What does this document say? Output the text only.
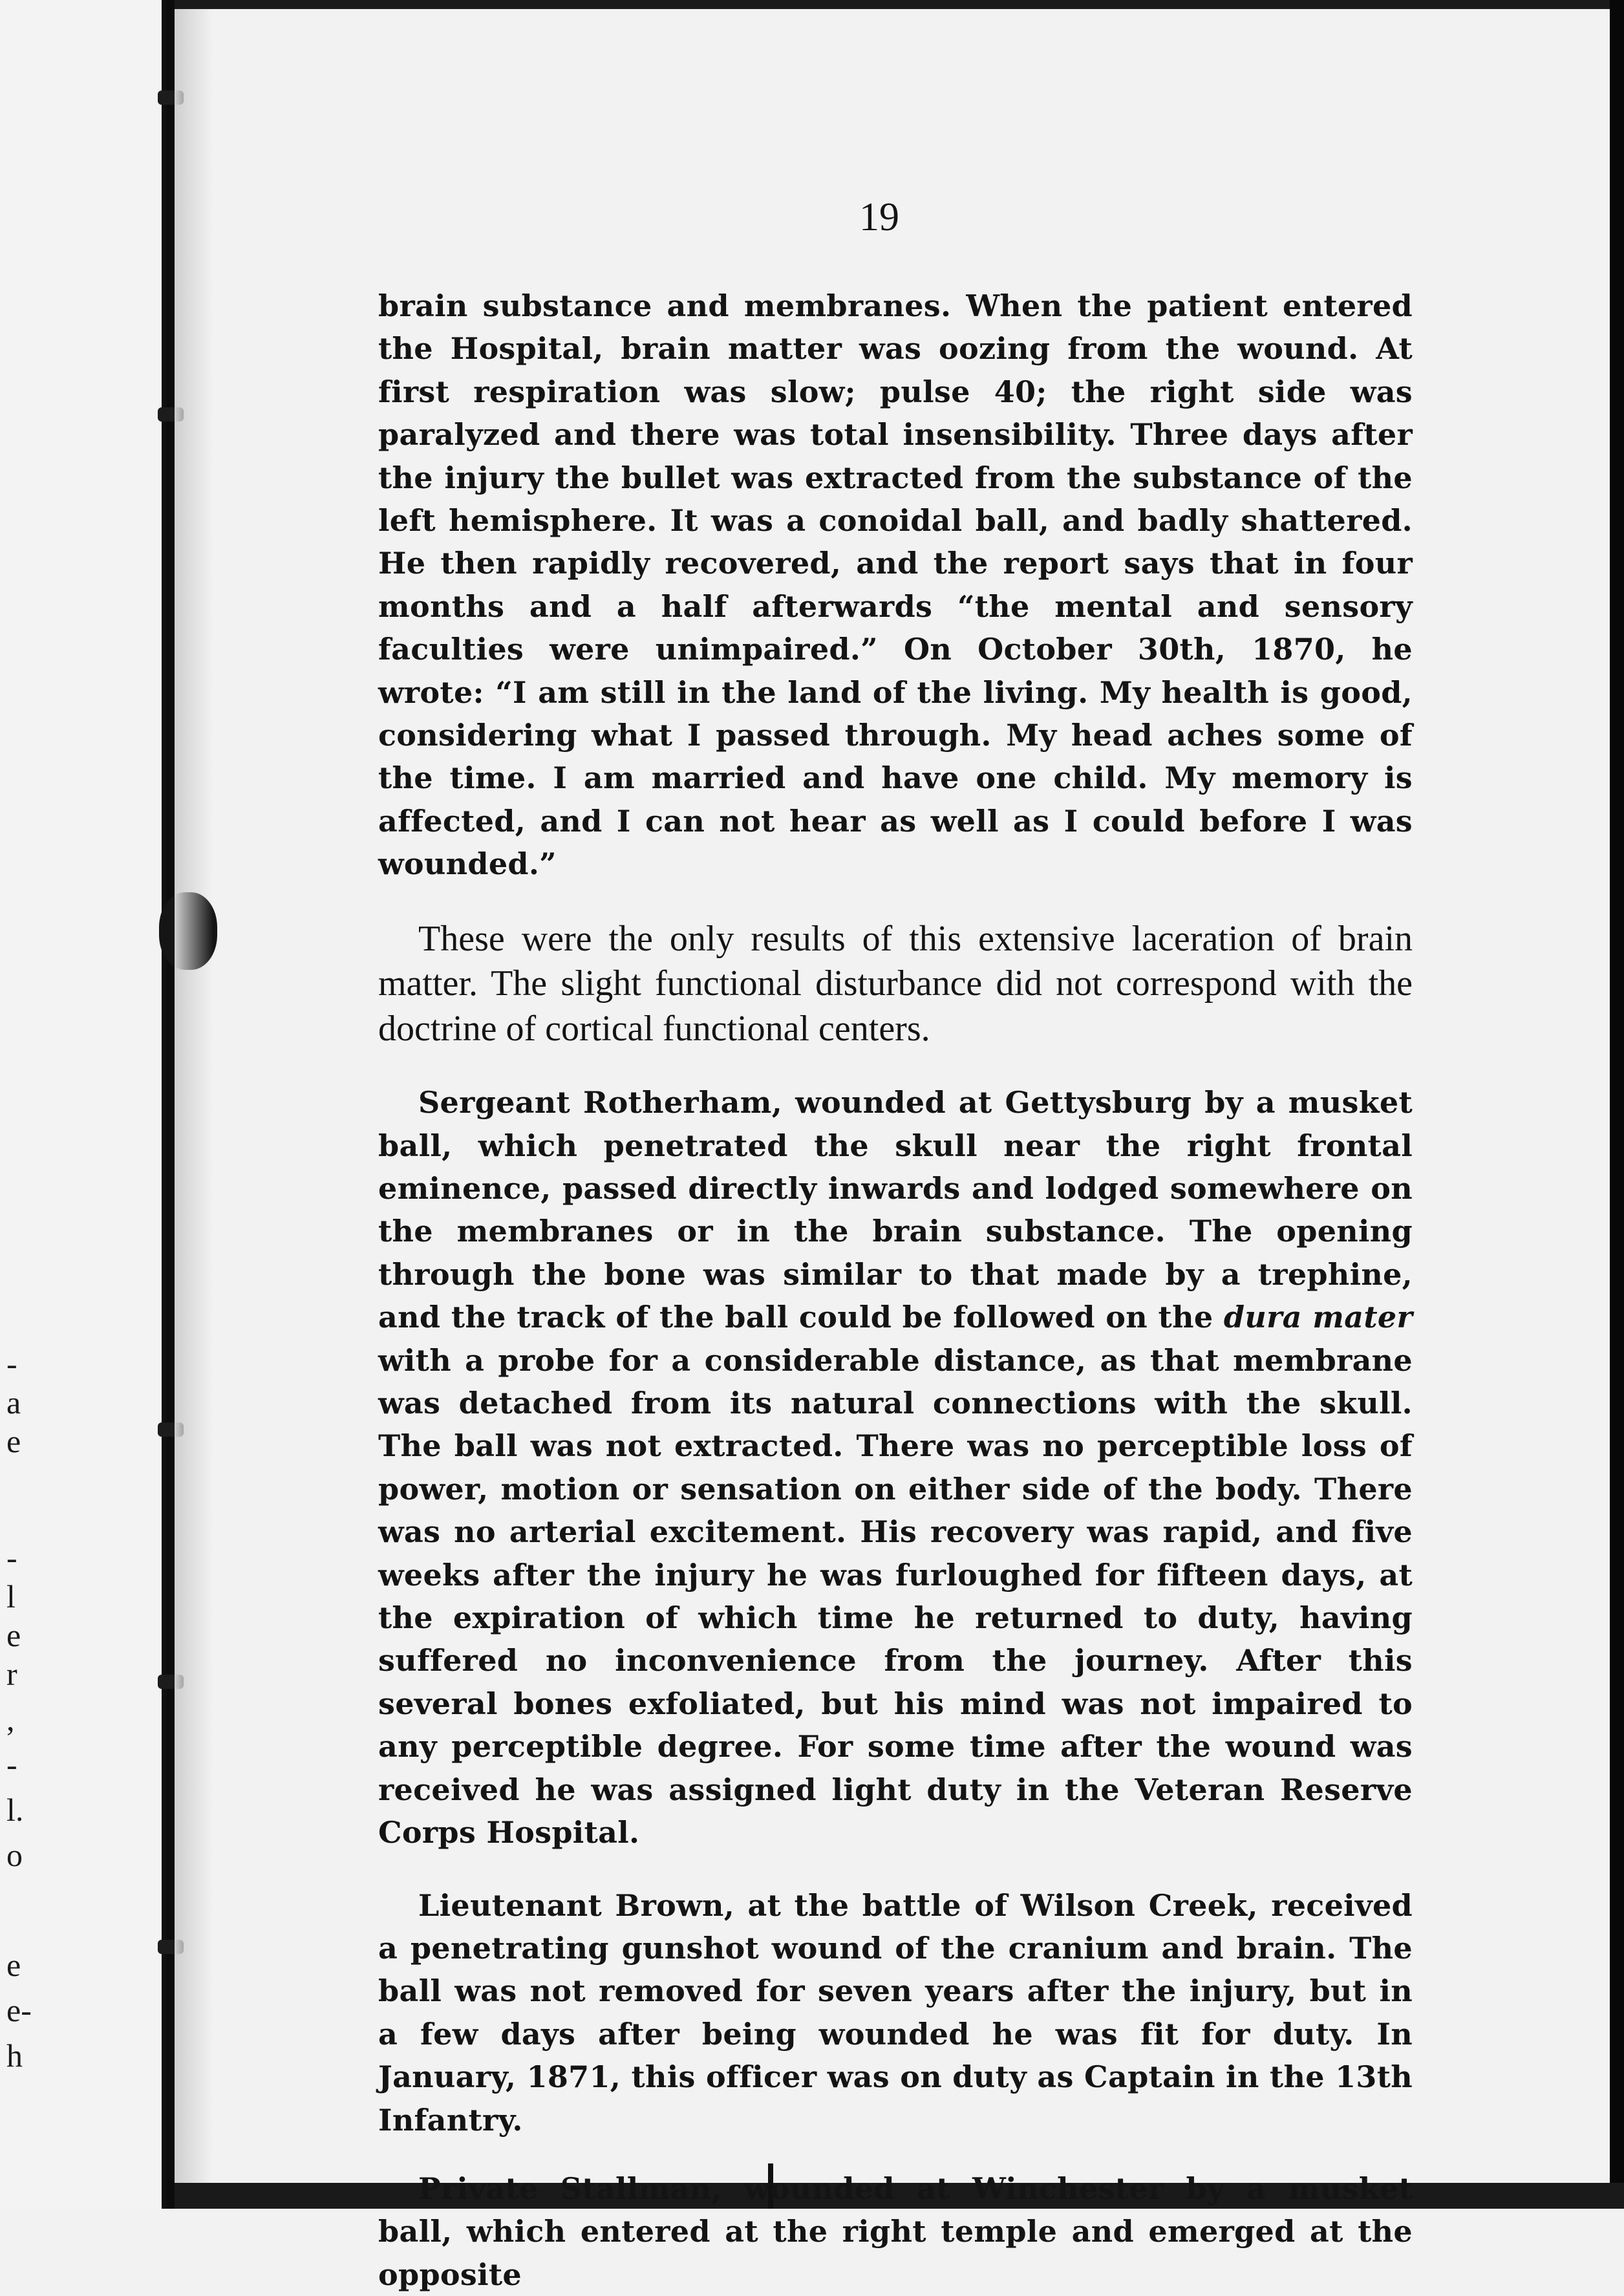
-
a
e
-
l
e
r
,
-
l.
o
e
e-
h
19

brain substance and membranes. When the patient entered the Hospital, brain matter was oozing from the wound. At first respiration was slow; pulse 40; the right side was paralyzed and there was total insensibility. Three days after the injury the bullet was extracted from the substance of the left hemisphere. It was a conoidal ball, and badly shattered. He then rapidly recovered, and the report says that in four months and a half afterwards “the mental and sensory faculties were unimpaired.” On October 30th, 1870, he wrote: “I am still in the land of the living. My health is good, considering what I passed through. My head aches some of the time. I am married and have one child. My memory is affected, and I can not hear as well as I could before I was wounded.”

These were the only results of this extensive laceration of brain matter. The slight functional disturbance did not correspond with the doctrine of cortical functional centers.

Sergeant Rotherham, wounded at Gettysburg by a musket ball, which penetrated the skull near the right frontal eminence, passed directly inwards and lodged somewhere on the membranes or in the brain substance. The opening through the bone was similar to that made by a trephine, and the track of the ball could be followed on the dura mater with a probe for a considerable distance, as that membrane was detached from its natural connections with the skull. The ball was not extracted. There was no perceptible loss of power, motion or sensation on either side of the body. There was no arterial excitement. His recovery was rapid, and five weeks after the injury he was furloughed for fifteen days, at the expiration of which time he returned to duty, having suffered no inconvenience from the journey. After this several bones exfoliated, but his mind was not impaired to any perceptible degree. For some time after the wound was received he was assigned light duty in the Veteran Reserve Corps Hospital.

Lieutenant Brown, at the battle of Wilson Creek, received a penetrating gunshot wound of the cranium and brain. The ball was not removed for seven years after the injury, but in a few days after being wounded he was fit for duty. In January, 1871, this officer was on duty as Captain in the 13th Infantry.

Private Stallman, wounded at Winchester by a musket ball, which entered at the right temple and emerged at the opposite
